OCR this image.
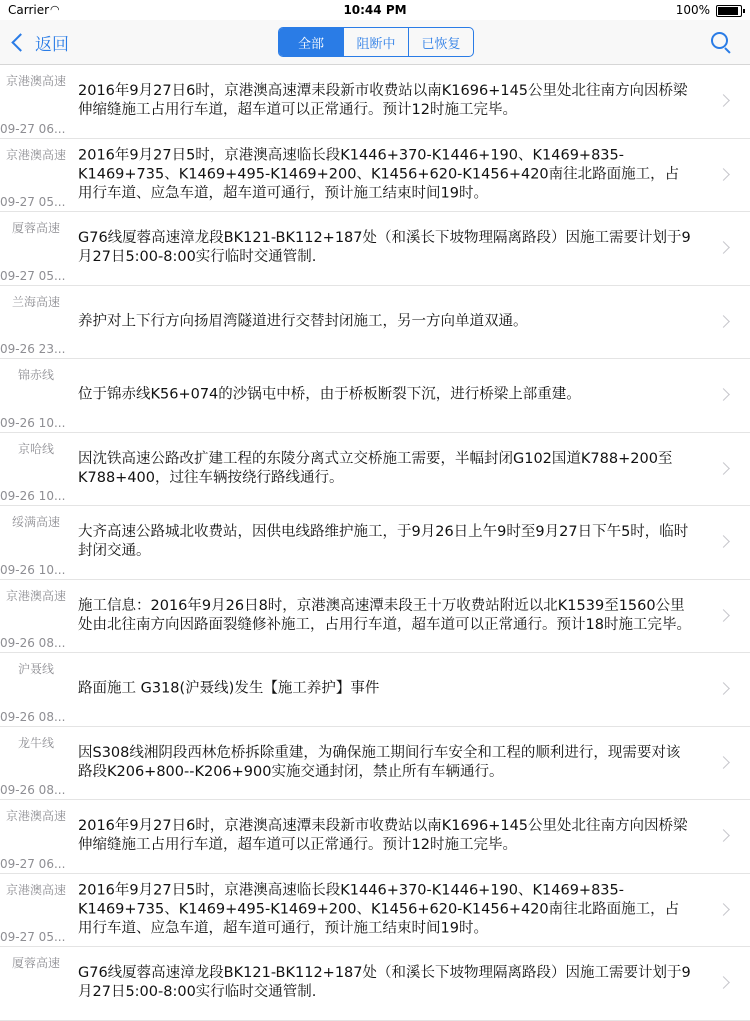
Carrier ◠	10:44 PM	100%
返回	全部 阻断中 已恢复
京港澳高速
09-27 06...
2016年9月27日6时，京港澳高速潭耒段新市收费站以南K1696+145公里处北往南方向因桥梁伸缩缝施工占用行车道，超车道可以正常通行。预计12时施工完毕。
京港澳高速
09-27 05...
2016年9月27日5时，京港澳高速临长段K1446+370-K1446+190、K1469+835-K1469+735、K1469+495-K1469+200、K1456+620-K1456+420南往北路面施工，占用行车道、应急车道，超车道可通行，预计施工结束时间19时。
厦蓉高速
09-27 05...
G76线厦蓉高速漳龙段BK121-BK112+187处（和溪长下坡物理隔离路段）因施工需要计划于9月27日5:00-8:00实行临时交通管制.
兰海高速
09-26 23...
养护对上下行方向扬眉湾隧道进行交替封闭施工，另一方向单道双通。
锦赤线
09-26 10...
位于锦赤线K56+074的沙锅屯中桥，由于桥板断裂下沉，进行桥梁上部重建。
京哈线
09-26 10...
因沈铁高速公路改扩建工程的东陵分离式立交桥施工需要，半幅封闭G102国道K788+200至K788+400，过往车辆按绕行路线通行。
绥满高速
09-26 10...
大齐高速公路城北收费站，因供电线路维护施工，于9月26日上午9时至9月27日下午5时，临时封闭交通。
京港澳高速
09-26 08...
施工信息：2016年9月26日8时，京港澳高速潭耒段王十万收费站附近以北K1539至1560公里处由北往南方向因路面裂缝修补施工，占用行车道，超车道可以正常通行。预计18时施工完毕。
沪聂线
09-26 08...
路面施工 G318(沪聂线)发生【施工养护】事件
龙牛线
09-26 08...
因S308线湘阴段西林危桥拆除重建，为确保施工期间行车安全和工程的顺利进行，现需要对该路段K206+800--K206+900实施交通封闭，禁止所有车辆通行。
京港澳高速
09-27 06...
2016年9月27日6时，京港澳高速潭耒段新市收费站以南K1696+145公里处北往南方向因桥梁伸缩缝施工占用行车道，超车道可以正常通行。预计12时施工完毕。
京港澳高速
09-27 05...
2016年9月27日5时，京港澳高速临长段K1446+370-K1446+190、K1469+835-K1469+735、K1469+495-K1469+200、K1456+620-K1456+420南往北路面施工，占用行车道、应急车道，超车道可通行，预计施工结束时间19时。
厦蓉高速
G76线厦蓉高速漳龙段BK121-BK112+187处（和溪长下坡物理隔离路段）因施工需要计划于9月27日5:00-8:00实行临时交通管制.
